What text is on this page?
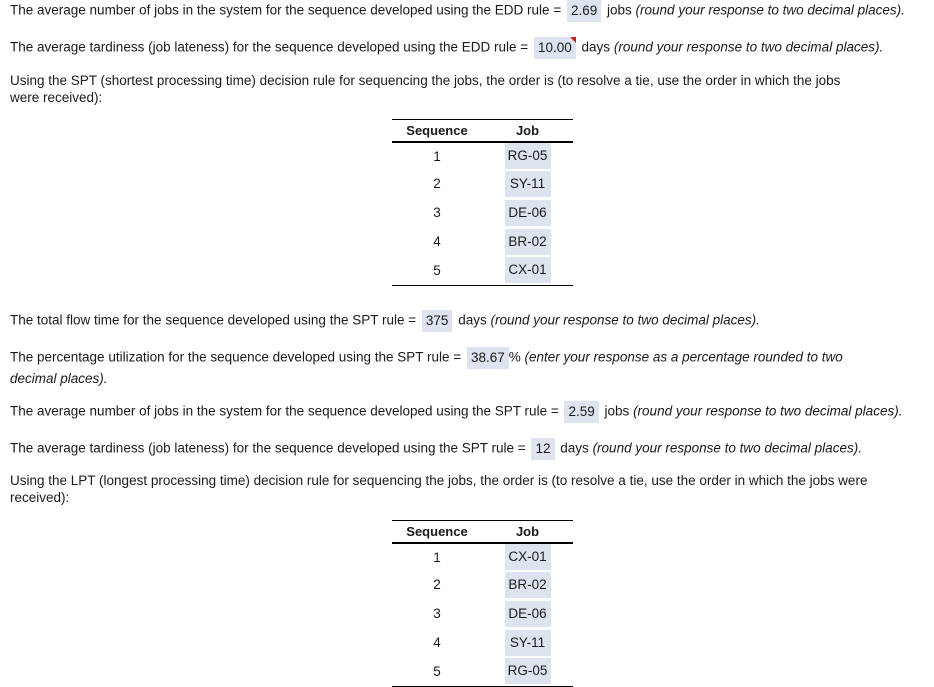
The average number of jobs in the system for the sequence developed using the EDD rule = 2.69 jobs (round your response to two decimal places).
The average tardiness (job lateness) for the sequence developed using the EDD rule = 10.00 days (round your response to two decimal places).
Using the SPT (shortest processing time) decision rule for sequencing the jobs, the order is (to resolve a tie, use the order in which the jobs were received):
Sequence	Job
1	RG-05
2	SY-11
3	DE-06
4	BR-02
5	CX-01
The total flow time for the sequence developed using the SPT rule = 375 days (round your response to two decimal places).
The percentage utilization for the sequence developed using the SPT rule = 38.67 % (enter your response as a percentage rounded to two decimal places).
The average number of jobs in the system for the sequence developed using the SPT rule = 2.59 jobs (round your response to two decimal places).
The average tardiness (job lateness) for the sequence developed using the SPT rule = 12 days (round your response to two decimal places).
Using the LPT (longest processing time) decision rule for sequencing the jobs, the order is (to resolve a tie, use the order in which the jobs were received):
Sequence	Job
1	CX-01
2	BR-02
3	DE-06
4	SY-11
5	RG-05
